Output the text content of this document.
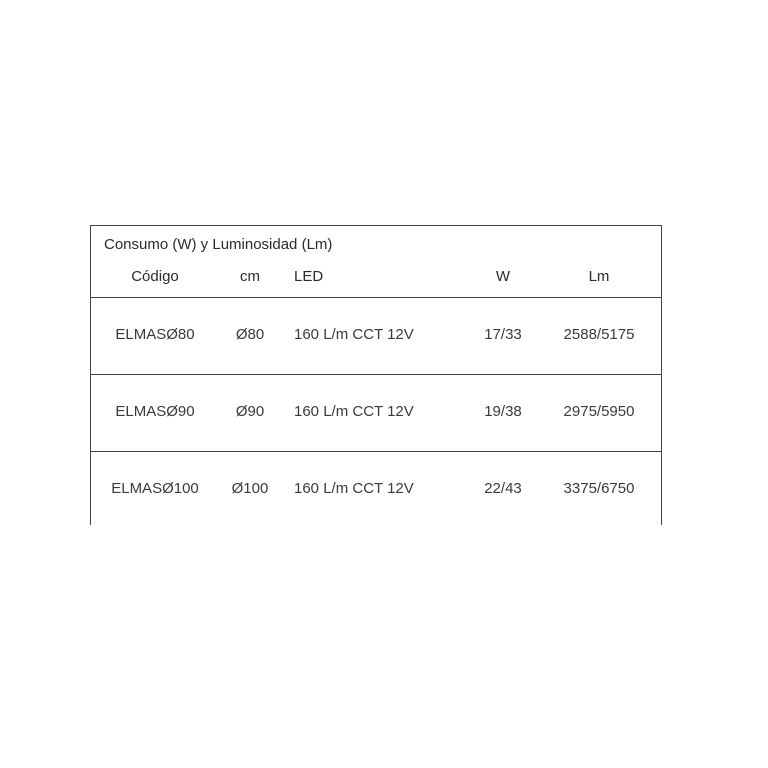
Consumo (W) y Luminosidad (Lm)
Código	cm	LED	W	Lm
ELMASØ80	Ø80	160 L/m CCT 12V	17/33	2588/5175
ELMASØ90	Ø90	160 L/m CCT 12V	19/38	2975/5950
ELMASØ100	Ø100	160 L/m CCT 12V	22/43	3375/6750
